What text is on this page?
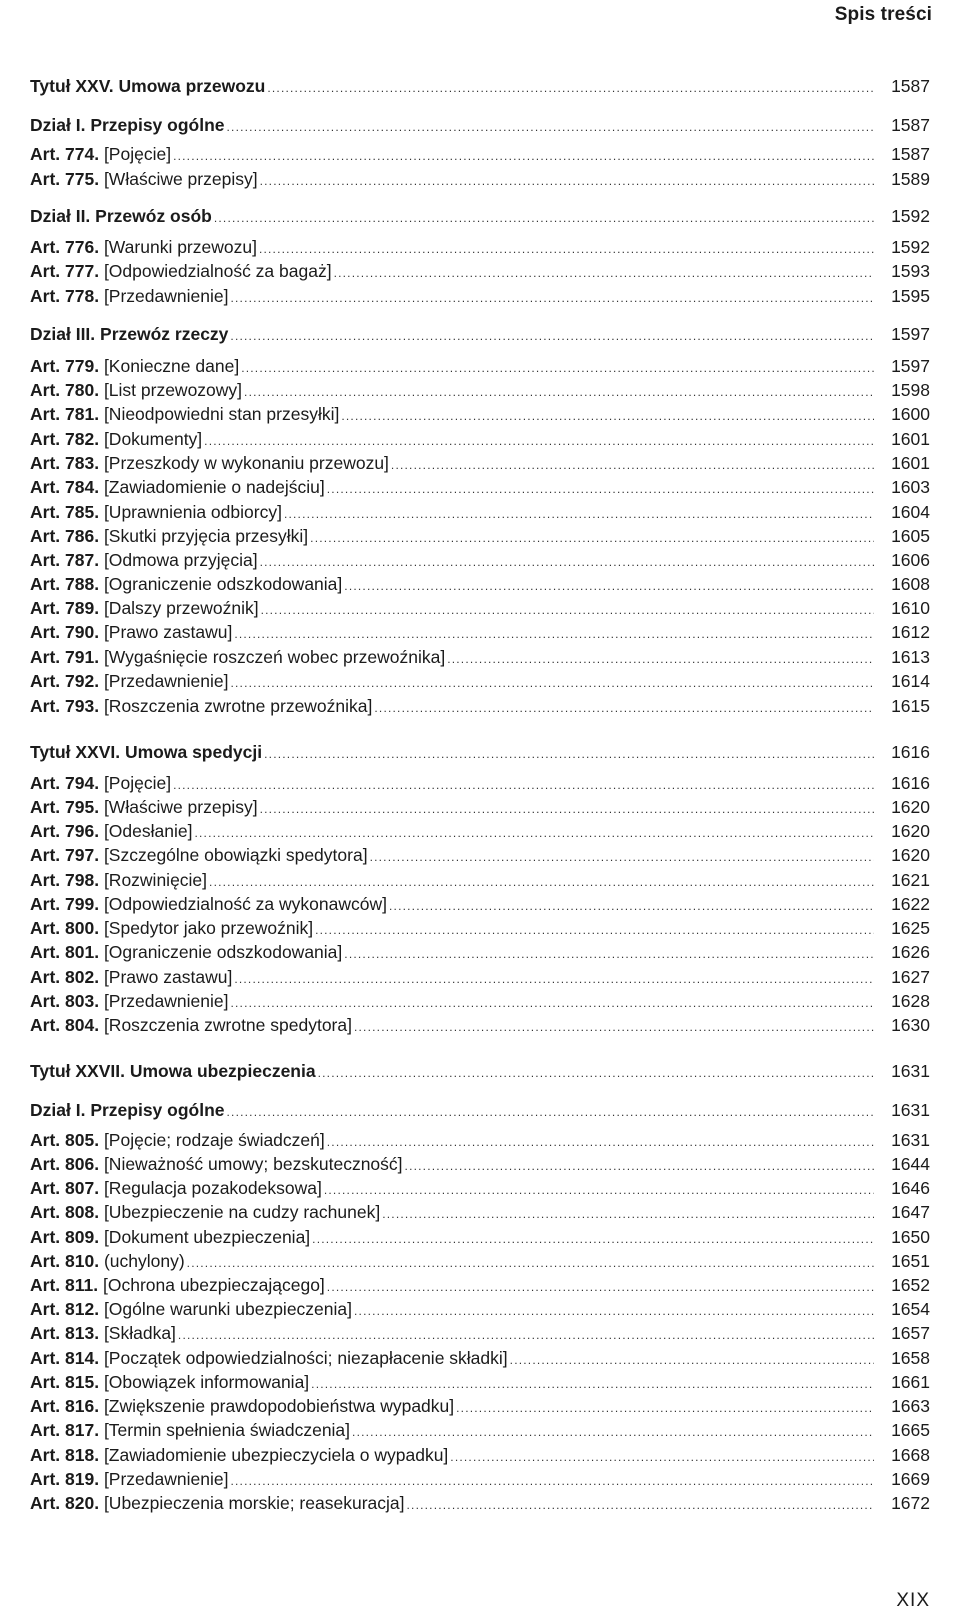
Spis treści
Tytuł XXV. Umowa przewozu .....	1587
Dział I. Przepisy ogólne .....	1587
Art. 774. [Pojęcie] .....	1587
Art. 775. [Właściwe przepisy] .....	1589
Dział II. Przewóz osób .....	1592
Art. 776. [Warunki przewozu] .....	1592
Art. 777. [Odpowiedzialność za bagaż] .....	1593
Art. 778. [Przedawnienie] .....	1595
Dział III. Przewóz rzeczy .....	1597
Art. 779. [Konieczne dane] .....	1597
Art. 780. [List przewozowy] .....	1598
Art. 781. [Nieodpowiedni stan przesyłki] .....	1600
Art. 782. [Dokumenty] .....	1601
Art. 783. [Przeszkody w wykonaniu przewozu] .....	1601
Art. 784. [Zawiadomienie o nadejściu] .....	1603
Art. 785. [Uprawnienia odbiorcy] .....	1604
Art. 786. [Skutki przyjęcia przesyłki] .....	1605
Art. 787. [Odmowa przyjęcia] .....	1606
Art. 788. [Ograniczenie odszkodowania] .....	1608
Art. 789. [Dalszy przewoźnik] .....	1610
Art. 790. [Prawo zastawu] .....	1612
Art. 791. [Wygaśnięcie roszczeń wobec przewoźnika] .....	1613
Art. 792. [Przedawnienie] .....	1614
Art. 793. [Roszczenia zwrotne przewoźnika] .....	1615
Tytuł XXVI. Umowa spedycji .....	1616
Art. 794. [Pojęcie] .....	1616
Art. 795. [Właściwe przepisy] .....	1620
Art. 796. [Odesłanie] .....	1620
Art. 797. [Szczególne obowiązki spedytora] .....	1620
Art. 798. [Rozwinięcie] .....	1621
Art. 799. [Odpowiedzialność za wykonawców] .....	1622
Art. 800. [Spedytor jako przewoźnik] .....	1625
Art. 801. [Ograniczenie odszkodowania] .....	1626
Art. 802. [Prawo zastawu] .....	1627
Art. 803. [Przedawnienie] .....	1628
Art. 804. [Roszczenia zwrotne spedytora] .....	1630
Tytuł XXVII. Umowa ubezpieczenia .....	1631
Dział I. Przepisy ogólne .....	1631
Art. 805. [Pojęcie; rodzaje świadczeń] .....	1631
Art. 806. [Nieważność umowy; bezskuteczność] .....	1644
Art. 807. [Regulacja pozakodeksowa] .....	1646
Art. 808. [Ubezpieczenie na cudzy rachunek] .....	1647
Art. 809. [Dokument ubezpieczenia] .....	1650
Art. 810. (uchylony) .....	1651
Art. 811. [Ochrona ubezpieczającego] .....	1652
Art. 812. [Ogólne warunki ubezpieczenia] .....	1654
Art. 813. [Składka] .....	1657
Art. 814. [Początek odpowiedzialności; niezapłacenie składki] .....	1658
Art. 815. [Obowiązek informowania] .....	1661
Art. 816. [Zwiększenie prawdopodobieństwa wypadku] .....	1663
Art. 817. [Termin spełnienia świadczenia] .....	1665
Art. 818. [Zawiadomienie ubezpieczyciela o wypadku] .....	1668
Art. 819. [Przedawnienie] .....	1669
Art. 820. [Ubezpieczenia morskie; reasekuracja] .....	1672
XIX
